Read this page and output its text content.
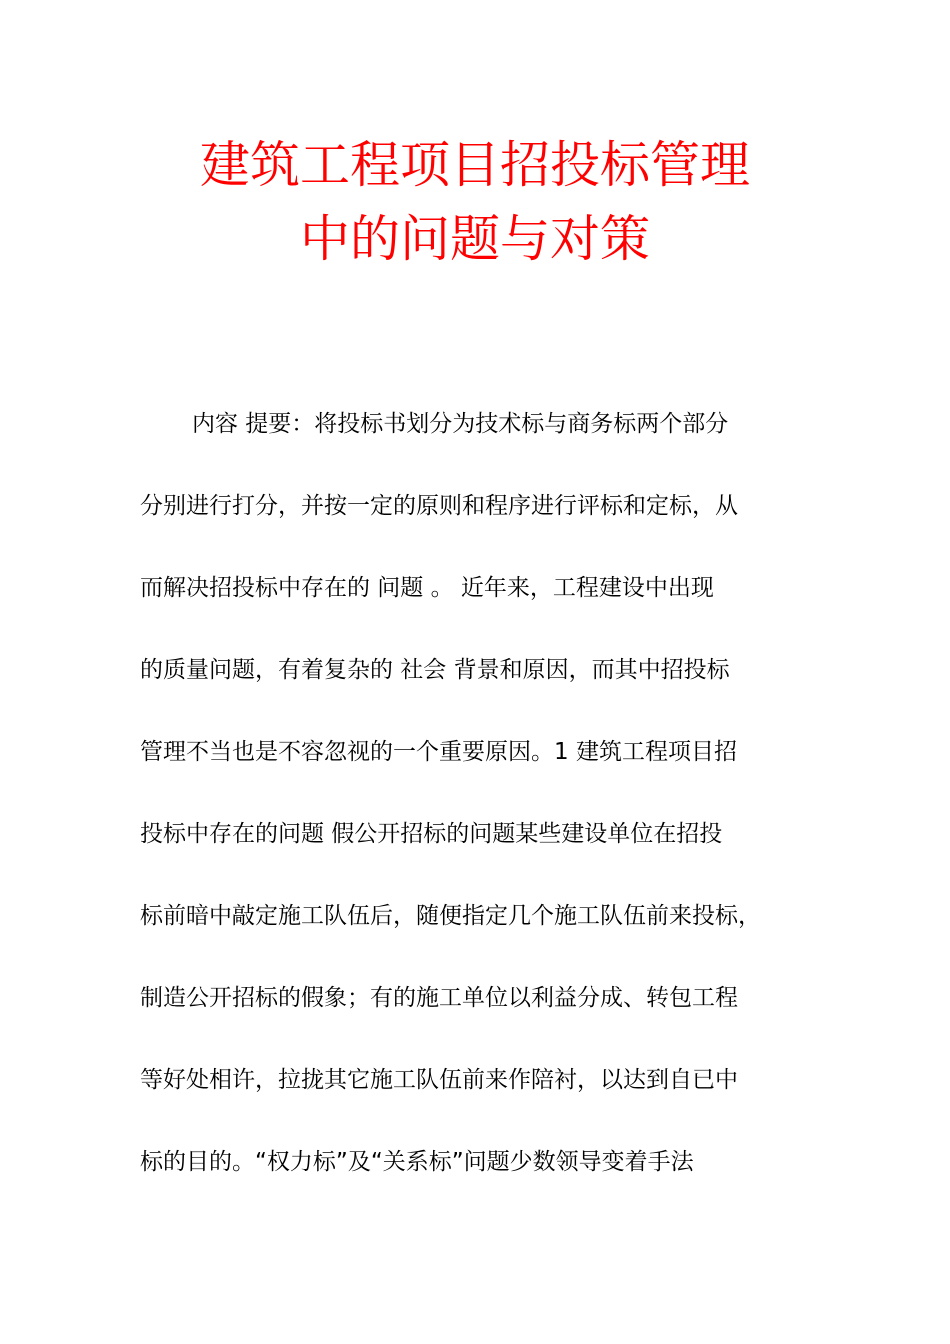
建筑工程项目招投标管理
中的问题与对策
内容 提要：将投标书划分为技术标与商务标两个部分
分别进行打分，并按一定的原则和程序进行评标和定标，从
而解决招投标中存在的 问题 。 近年来，工程建设中出现
的质量问题，有着复杂的 社会 背景和原因，而其中招投标
管理不当也是不容忽视的一个重要原因。1 建筑工程项目招
投标中存在的问题 假公开招标的问题某些建设单位在招投
标前暗中敲定施工队伍后，随便指定几个施工队伍前来投标，
制造公开招标的假象；有的施工单位以利益分成、转包工程
等好处相许，拉拢其它施工队伍前来作陪衬，以达到自已中
标的目的。“权力标”及“关系标”问题少数领导变着手法
